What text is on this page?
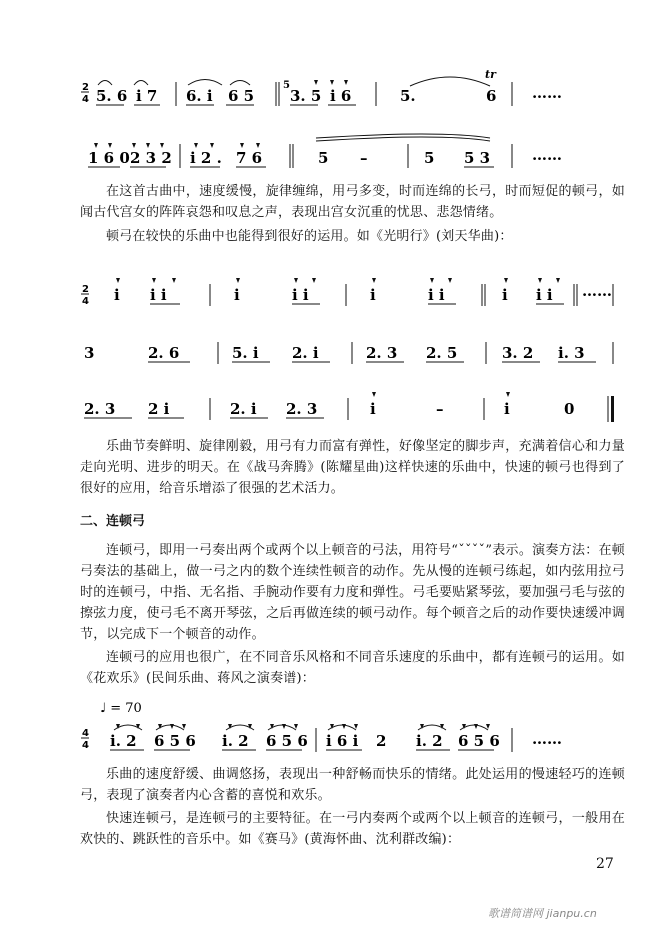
2
4 5. 6 i 7 6. i 6 5
5
3. 5 i 6	5.	6
tr
……
1 6 0 2 3 2 i 2 . 7 6	5 –	5 5 3	……
在这首古曲中，速度缓慢，旋律缠绵，用弓多变，时而连绵的长弓，时而短促的顿弓，如闻古代宫女的阵阵哀怨和叹息之声，表现出宫女沉重的忧思、悲怨情绪。
顿弓在较快的乐曲中也能得到很好的运用。如《光明行》(刘天华曲)：
2
4 i i i	i	i i	i	i i	i i i ……
3	2. 6	5. i 2. i	2. 3 2. 5	3. 2 i. 3
2. 3 2 i	2. i 2. 3	i	–	i	0
乐曲节奏鲜明、旋律刚毅，用弓有力而富有弹性，好像坚定的脚步声，充满着信心和力量走向光明、进步的明天。在《战马奔腾》(陈耀星曲)这样快速的乐曲中，快速的顿弓也得到了很好的应用，给音乐增添了很强的艺术活力。
二、连顿弓
连顿弓，即用一弓奏出两个或两个以上顿音的弓法，用符号“ˇˇˇˇ”表示。演奏方法：在顿弓奏法的基础上，做一弓之内的数个连续性顿音的动作。先从慢的连顿弓练起，如内弦用拉弓时的连顿弓，中指、无名指、手腕动作要有力度和弹性。弓毛要贴紧琴弦，要加强弓毛与弦的擦弦力度，使弓毛不离开琴弦，之后再做连续的顿弓动作。每个顿音之后的动作要快速缓冲调节，以完成下一个顿音的动作。
连顿弓的应用也很广，在不同音乐风格和不同音乐速度的乐曲中，都有连顿弓的运用。如《花欢乐》(民间乐曲、蒋风之演奏谱)：
♩ = 70
4
4 i. 2 6 5 6 i. 2 6 5 6 i 6 i 2 i. 2 6 5 6 ……
乐曲的速度舒缓、曲调悠扬，表现出一种舒畅而快乐的情绪。此处运用的慢速轻巧的连顿弓，表现了演奏者内心含蓄的喜悦和欢乐。
快速连顿弓，是连顿弓的主要特征。在一弓内奏两个或两个以上顿音的连顿弓，一般用在欢快的、跳跃性的音乐中。如《赛马》(黄海怀曲、沈利群改编)：
27
歌谱简谱网 jianpu.cn
